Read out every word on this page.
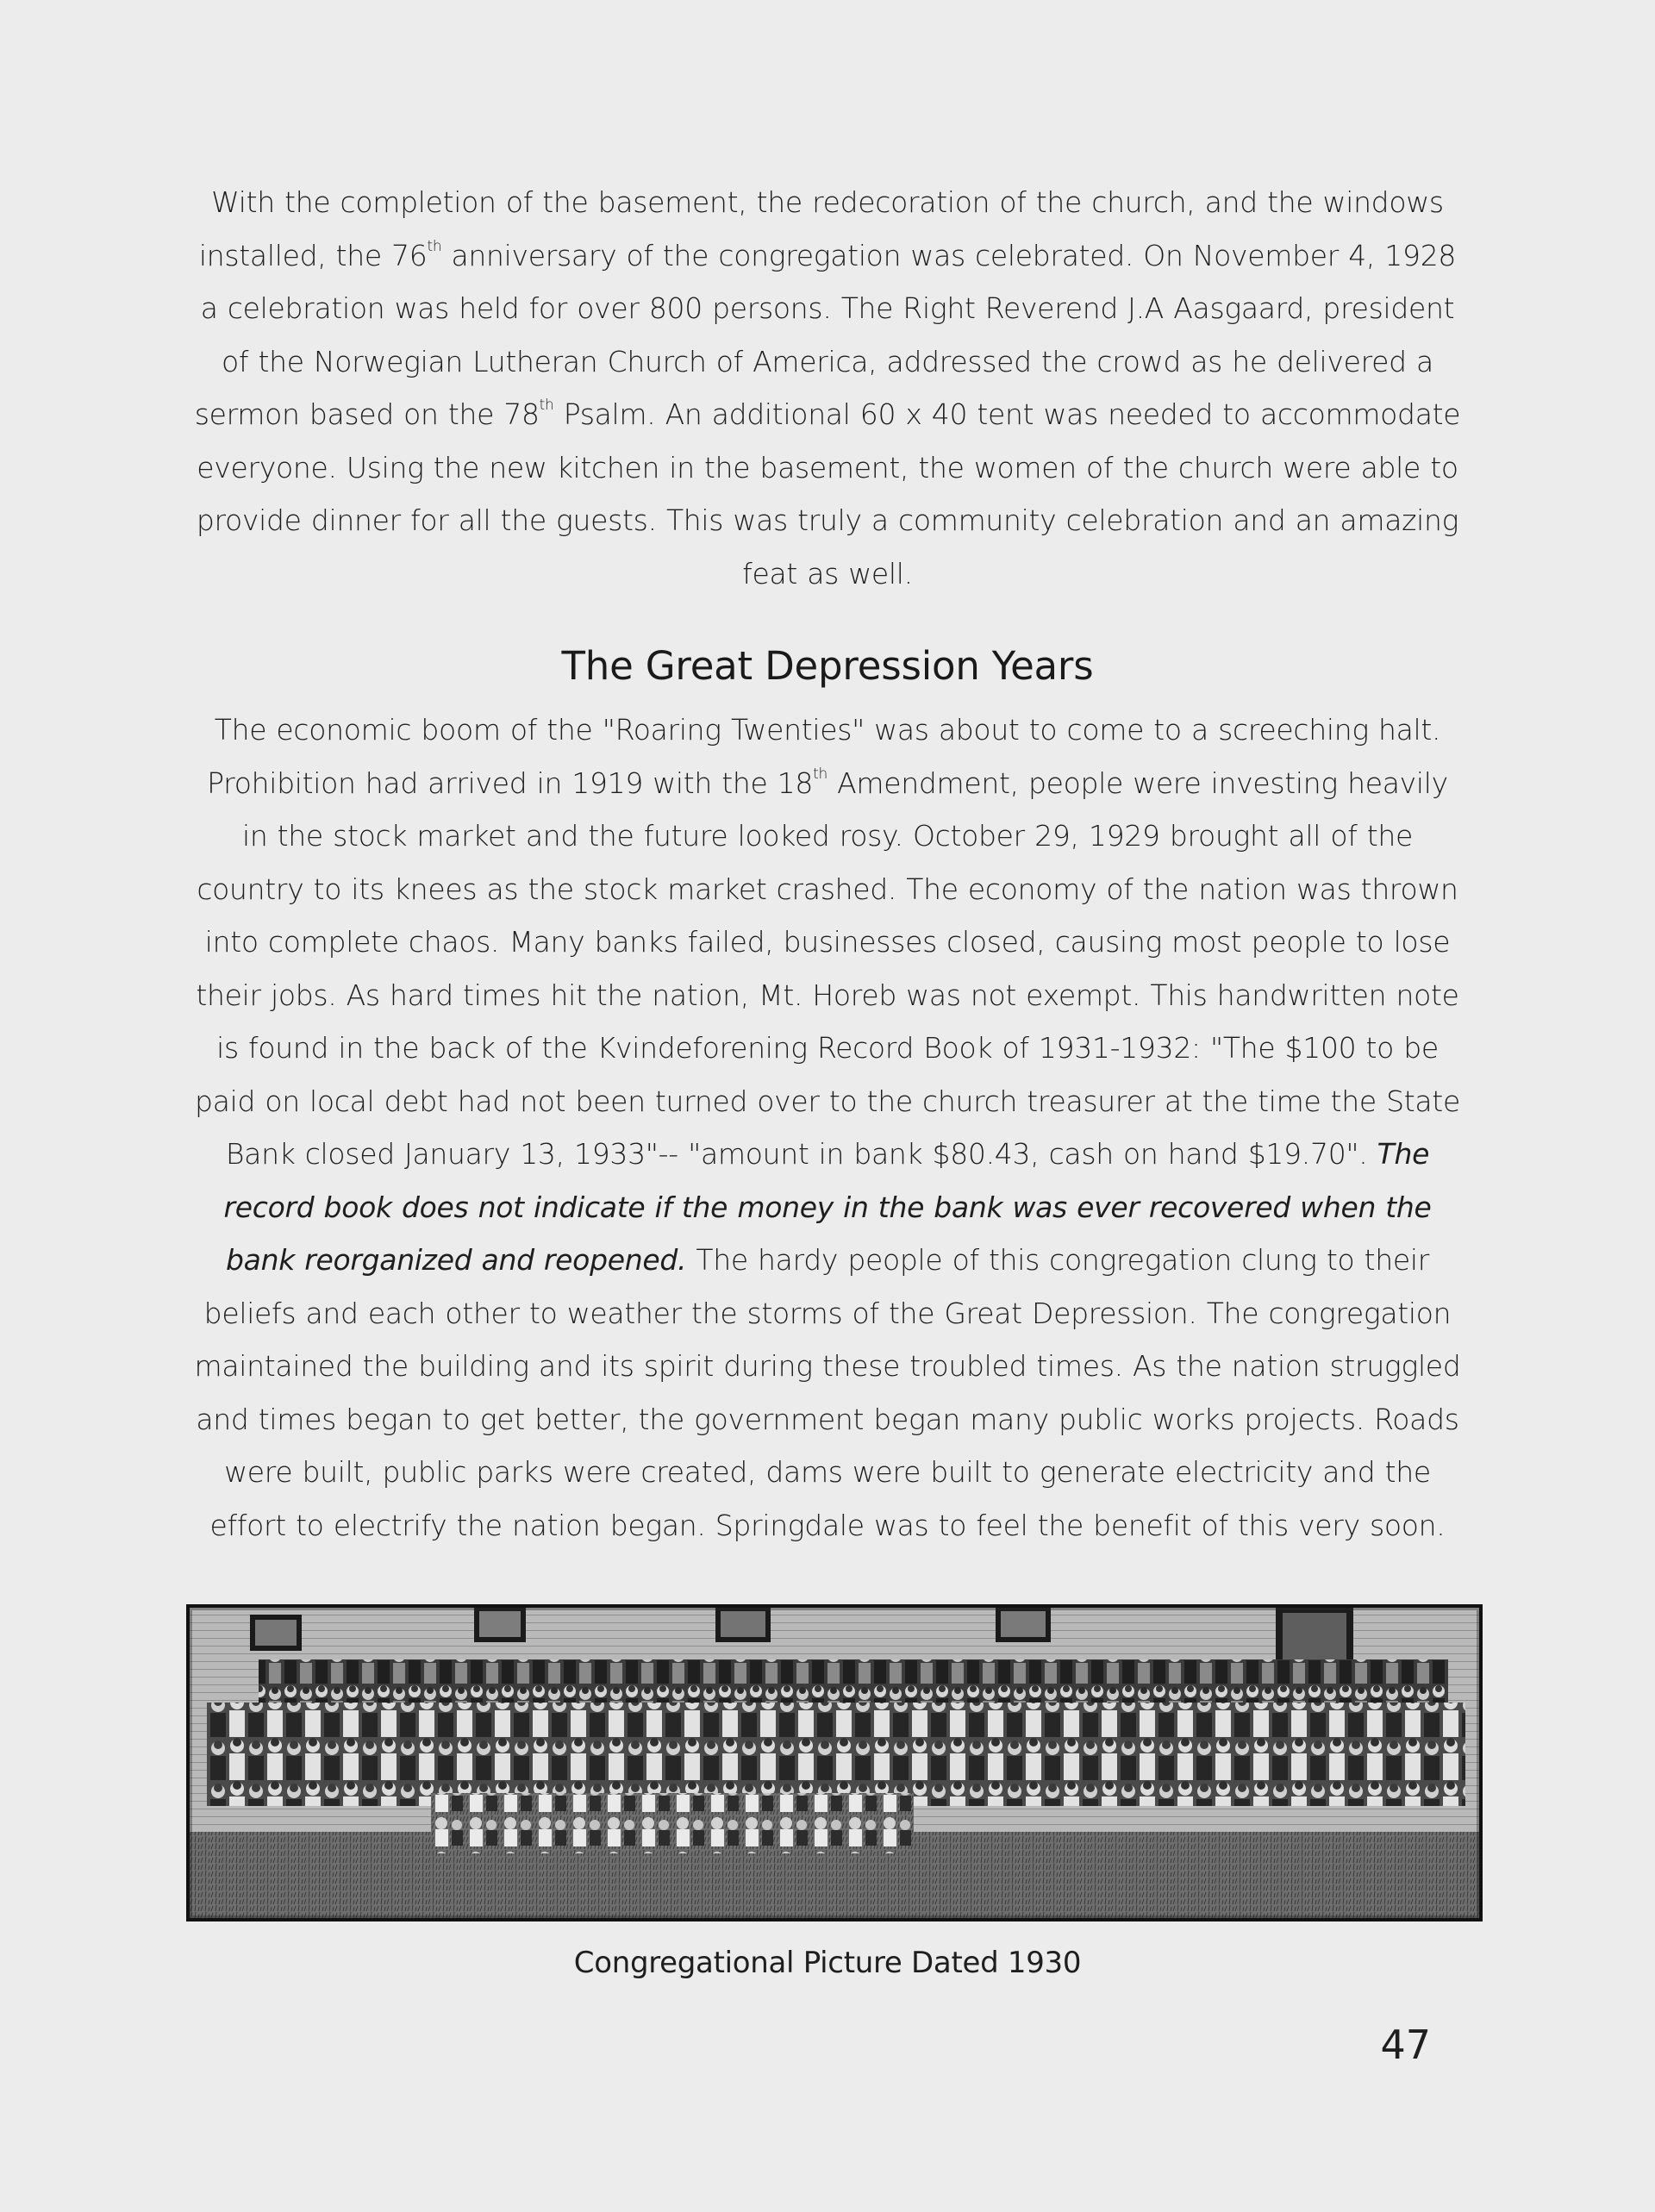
With the completion of the basement, the redecoration of the church, and the windows installed, the 76th anniversary of the congregation was celebrated. On November 4, 1928 a celebration was held for over 800 persons. The Right Reverend J.A Aasgaard, president of the Norwegian Lutheran Church of America, addressed the crowd as he delivered a sermon based on the 78th Psalm. An additional 60 x 40 tent was needed to accommodate everyone. Using the new kitchen in the basement, the women of the church were able to provide dinner for all the guests. This was truly a community celebration and an amazing feat as well.

The Great Depression Years

The economic boom of the "Roaring Twenties" was about to come to a screeching halt. Prohibition had arrived in 1919 with the 18th Amendment, people were investing heavily in the stock market and the future looked rosy. October 29, 1929 brought all of the country to its knees as the stock market crashed. The economy of the nation was thrown into complete chaos. Many banks failed, businesses closed, causing most people to lose their jobs. As hard times hit the nation, Mt. Horeb was not exempt. This handwritten note is found in the back of the Kvindeforening Record Book of 1931-1932: "The $100 to be paid on local debt had not been turned over to the church treasurer at the time the State Bank closed January 13, 1933"-- "amount in bank $80.43, cash on hand $19.70". The record book does not indicate if the money in the bank was ever recovered when the bank reorganized and reopened. The hardy people of this congregation clung to their beliefs and each other to weather the storms of the Great Depression. The congregation maintained the building and its spirit during these troubled times. As the nation struggled and times began to get better, the government began many public works projects. Roads were built, public parks were created, dams were built to generate electricity and the effort to electrify the nation began. Springdale was to feel the benefit of this very soon.

Congregational Picture Dated 1930
47
